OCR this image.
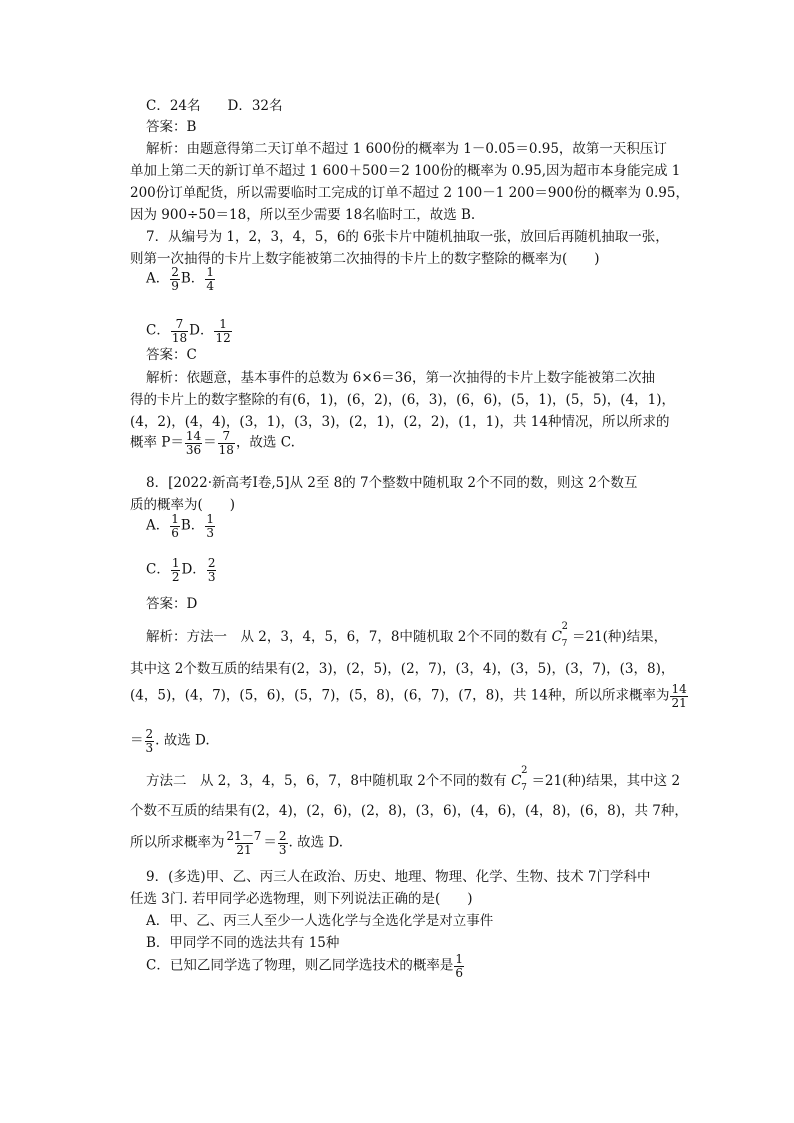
C．24名　　D．32名
答案：B
解析：由题意得第二天订单不超过 1 600份的概率为 1－0.05＝0.95，故第一天积压订
单加上第二天的新订单不超过 1 600＋500＝2 100份的概率为 0.95,因为超市本身能完成 1
200份订单配货，所以需要临时工完成的订单不超过 2 100－1 200＝900份的概率为 0.95，
因为 900÷50＝18，所以至少需要 18名临时工，故选 B.
7．从编号为 1，2，3，4，5，6的 6张卡片中随机抽取一张，放回后再随机抽取一张，
则第一次抽得的卡片上数字能被第二次抽得的卡片上的数字整除的概率为(　　)
A． $\frac{2}{9}$ B． $\frac{1}{4}$
C． $\frac{7}{18}$ D． $\frac{1}{12}$
答案：C
解析：依题意，基本事件的总数为 6×6＝36，第一次抽得的卡片上数字能被第二次抽
得的卡片上的数字整除的有(6，1)，(6，2)，(6，3)，(6，6)，(5，1)，(5，5)，(4，1)，
(4，2)，(4，4)，(3，1)，(3，3)，(2，1)，(2，2)，(1，1)，共 14种情况，所以所求的
概率 $P= \frac{14}{36} = \frac{7}{18}$ ，故选 C.
8．[2022·新高考Ⅰ卷,5]从 2至 8的 7个整数中随机取 2个不同的数，则这 2个数互
质的概率为(　　)
A． $\frac{1}{6}$ B． $\frac{1}{3}$
C． $\frac{1}{2}$ D． $\frac{2}{3}$
答案：D
解析：方法一　从 2，3，4，5，6，7，8中随机取 2个不同的数有 C
2
7 ＝21(种)结果，
其中这 2个数互质的结果有(2，3)，(2，5)，(2，7)，(3，4)，(3，5)，(3，7)，(3，8)，
(4，5)，(4，7)，(5，6)，(5，7)，(5，8)，(6，7)，(7，8)，共 14种，所以所求概率为 $\frac{14}{21}$
＝ $\frac{2}{3}$ . 故选 D.
方法二　从 2，3，4，5，6，7，8中随机取 2个不同的数有 C
2
7 ＝21(种)结果，其中这 2
个数不互质的结果有(2，4)，(2，6)，(2，8)，(3，6)，(4，6)，(4，8)，(6，8)，共 7种，
所以所求概率为 $\frac{21-7}{21} = \frac{2}{3}$ . 故选 D.
9．(多选)甲、乙、丙三人在政治、历史、地理、物理、化学、生物、技术 7门学科中
任选 3门. 若甲同学必选物理，则下列说法正确的是(　　)
A．甲、乙、丙三人至少一人选化学与全选化学是对立事件
B．甲同学不同的选法共有 15种
C．已知乙同学选了物理，则乙同学选技术的概率是 $\frac{1}{6}$
